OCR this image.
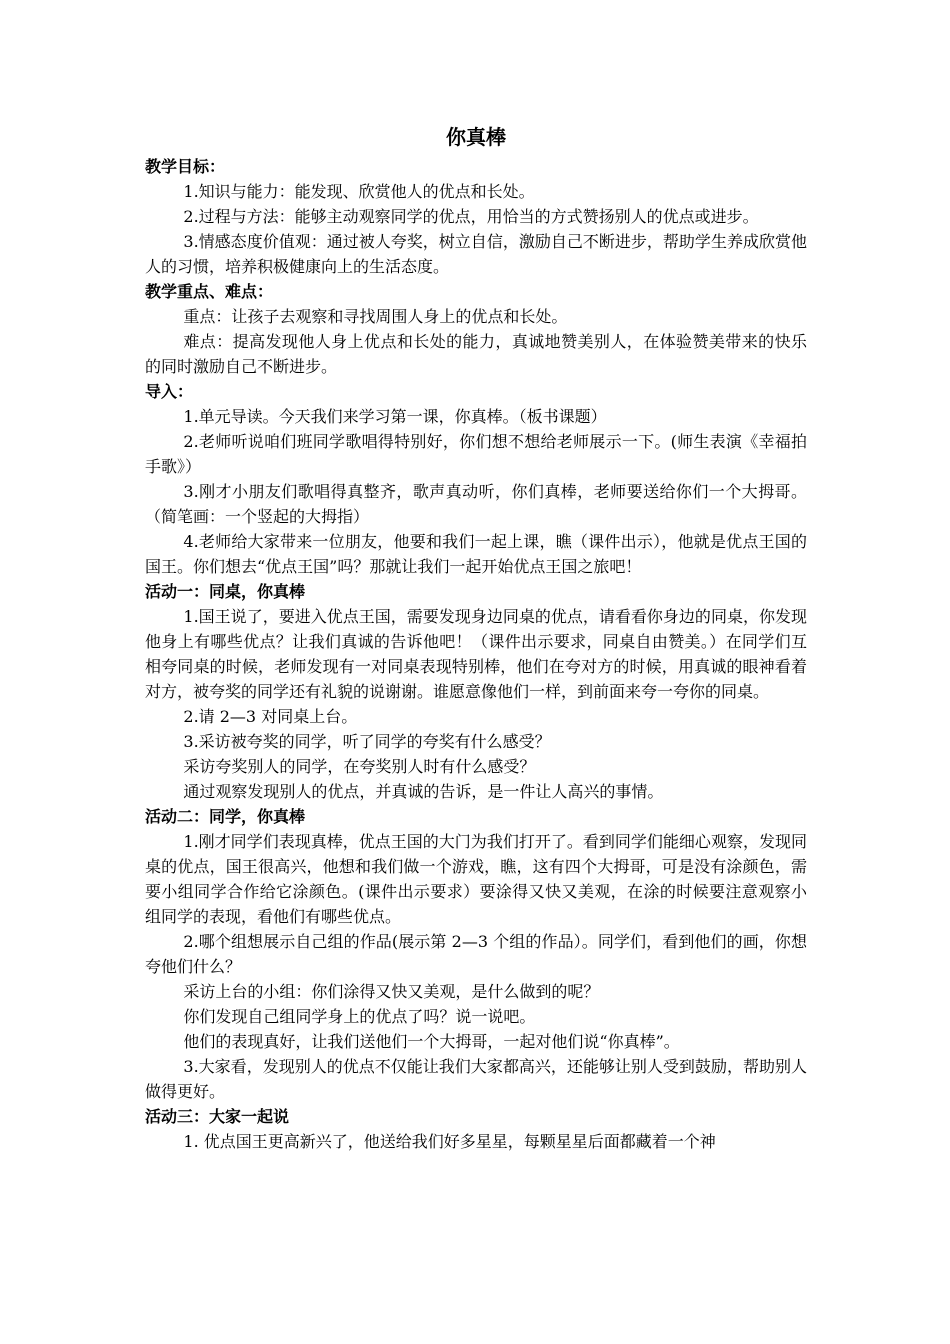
你真棒

教学目标：

1.知识与能力：能发现、欣赏他人的优点和长处。

2.过程与方法：能够主动观察同学的优点，用恰当的方式赞扬别人的优点或进步。

3.情感态度价值观：通过被人夸奖，树立自信，激励自己不断进步，帮助学生养成欣赏他人的习惯，培养积极健康向上的生活态度。

教学重点、难点：

重点：让孩子去观察和寻找周围人身上的优点和长处。

难点：提高发现他人身上优点和长处的能力，真诚地赞美别人，在体验赞美带来的快乐的同时激励自己不断进步。

导入：

1.单元导读。今天我们来学习第一课，你真棒。（板书课题）

2.老师听说咱们班同学歌唱得特别好，你们想不想给老师展示一下。(师生表演《幸福拍手歌》）

3.刚才小朋友们歌唱得真整齐，歌声真动听，你们真棒，老师要送给你们一个大拇哥。（简笔画：一个竖起的大拇指）

4.老师给大家带来一位朋友，他要和我们一起上课，瞧（课件出示），他就是优点王国的国王。你们想去“优点王国”吗？那就让我们一起开始优点王国之旅吧！

活动一：同桌，你真棒

1.国王说了，要进入优点王国，需要发现身边同桌的优点，请看看你身边的同桌，你发现他身上有哪些优点？让我们真诚的告诉他吧！（课件出示要求，同桌自由赞美。）在同学们互相夸同桌的时候，老师发现有一对同桌表现特别棒，他们在夸对方的时候，用真诚的眼神看着对方，被夸奖的同学还有礼貌的说谢谢。谁愿意像他们一样，到前面来夸一夸你的同桌。

2.请 2—3 对同桌上台。

3.采访被夸奖的同学，听了同学的夸奖有什么感受？

采访夸奖别人的同学，在夸奖别人时有什么感受？

通过观察发现别人的优点，并真诚的告诉，是一件让人高兴的事情。

活动二：同学，你真棒

1.刚才同学们表现真棒，优点王国的大门为我们打开了。看到同学们能细心观察，发现同桌的优点，国王很高兴，他想和我们做一个游戏，瞧，这有四个大拇哥，可是没有涂颜色，需要小组同学合作给它涂颜色。(课件出示要求）要涂得又快又美观，在涂的时候要注意观察小组同学的表现，看他们有哪些优点。

2.哪个组想展示自己组的作品(展示第 2—3 个组的作品）。同学们，看到他们的画，你想夸他们什么？

采访上台的小组：你们涂得又快又美观，是什么做到的呢？

你们发现自己组同学身上的优点了吗？说一说吧。

他们的表现真好，让我们送他们一个大拇哥，一起对他们说“你真棒”。

3.大家看，发现别人的优点不仅能让我们大家都高兴，还能够让别人受到鼓励，帮助别人做得更好。

活动三：大家一起说

1. 优点国王更高新兴了，他送给我们好多星星，每颗星星后面都藏着一个神
